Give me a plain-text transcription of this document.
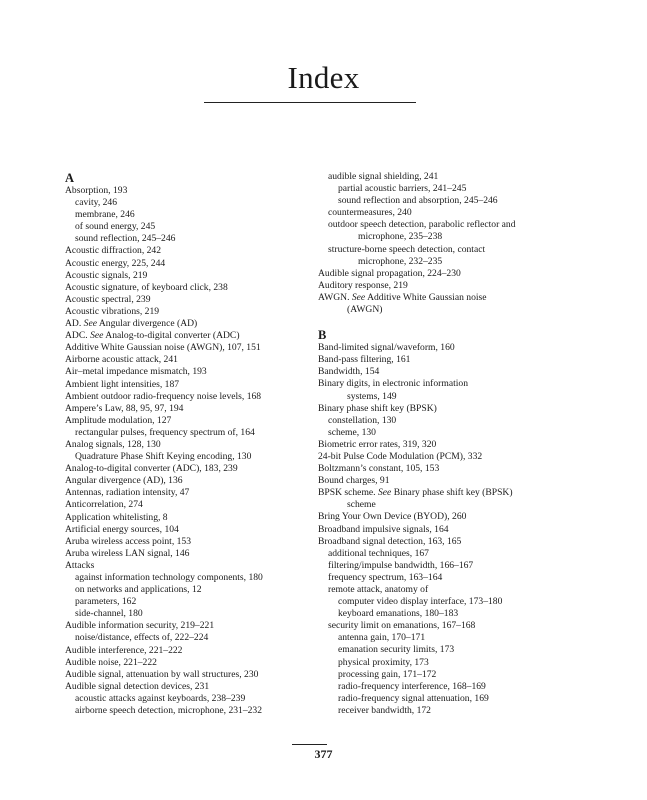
Index
A
Absorption, 193
cavity, 246
membrane, 246
of sound energy, 245
sound reflection, 245–246
Acoustic diffraction, 242
Acoustic energy, 225, 244
Acoustic signals, 219
Acoustic signature, of keyboard click, 238
Acoustic spectral, 239
Acoustic vibrations, 219
AD. See Angular divergence (AD)
ADC. See Analog-to-digital converter (ADC)
Additive White Gaussian noise (AWGN), 107, 151
Airborne acoustic attack, 241
Air–metal impedance mismatch, 193
Ambient light intensities, 187
Ambient outdoor radio-frequency noise levels, 168
Ampere’s Law, 88, 95, 97, 194
Amplitude modulation, 127
rectangular pulses, frequency spectrum of, 164
Analog signals, 128, 130
Quadrature Phase Shift Keying encoding, 130
Analog-to-digital converter (ADC), 183, 239
Angular divergence (AD), 136
Antennas, radiation intensity, 47
Anticorrelation, 274
Application whitelisting, 8
Artificial energy sources, 104
Aruba wireless access point, 153
Aruba wireless LAN signal, 146
Attacks
against information technology components, 180
on networks and applications, 12
parameters, 162
side-channel, 180
Audible information security, 219–221
noise/distance, effects of, 222–224
Audible interference, 221–222
Audible noise, 221–222
Audible signal, attenuation by wall structures, 230
Audible signal detection devices, 231
acoustic attacks against keyboards, 238–239
airborne speech detection, microphone, 231–232
audible signal shielding, 241
partial acoustic barriers, 241–245
sound reflection and absorption, 245–246
countermeasures, 240
outdoor speech detection, parabolic reflector and
microphone, 235–238
structure-borne speech detection, contact
microphone, 232–235
Audible signal propagation, 224–230
Auditory response, 219
AWGN. See Additive White Gaussian noise
(AWGN)
B
Band-limited signal/waveform, 160
Band-pass filtering, 161
Bandwidth, 154
Binary digits, in electronic information
systems, 149
Binary phase shift key (BPSK)
constellation, 130
scheme, 130
Biometric error rates, 319, 320
24-bit Pulse Code Modulation (PCM), 332
Boltzmann’s constant, 105, 153
Bound charges, 91
BPSK scheme. See Binary phase shift key (BPSK)
scheme
Bring Your Own Device (BYOD), 260
Broadband impulsive signals, 164
Broadband signal detection, 163, 165
additional techniques, 167
filtering/impulse bandwidth, 166–167
frequency spectrum, 163–164
remote attack, anatomy of
computer video display interface, 173–180
keyboard emanations, 180–183
security limit on emanations, 167–168
antenna gain, 170–171
emanation security limits, 173
physical proximity, 173
processing gain, 171–172
radio-frequency interference, 168–169
radio-frequency signal attenuation, 169
receiver bandwidth, 172
377
